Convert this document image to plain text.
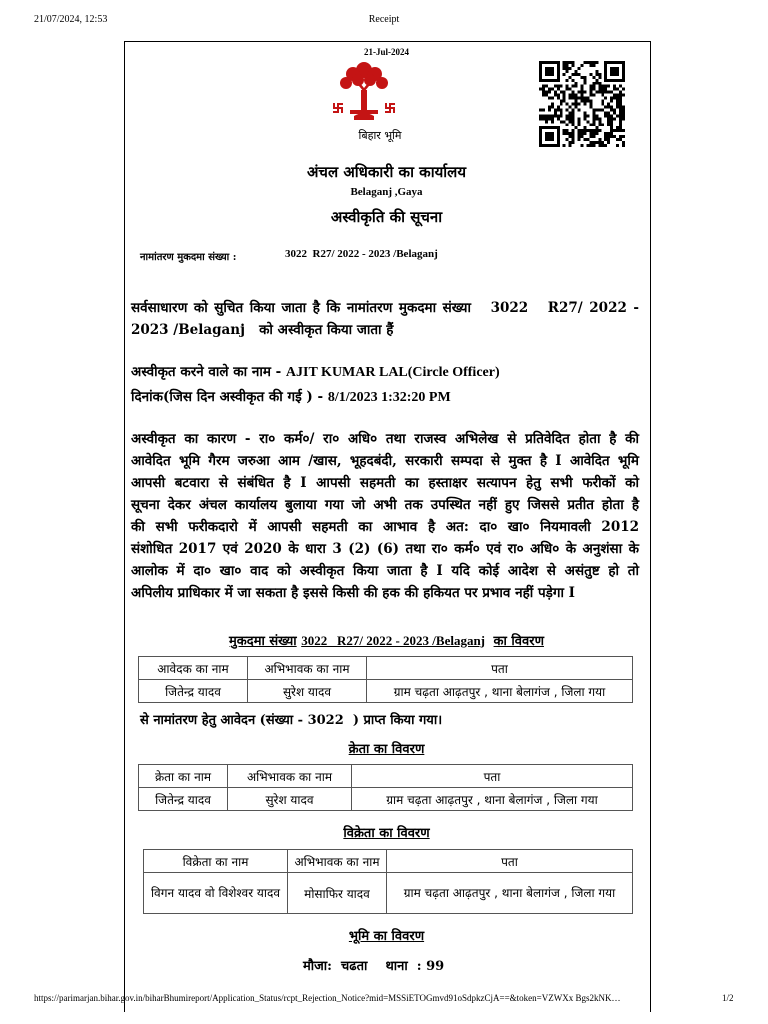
21/07/2024, 12:53	Receipt
21-Jul-2024
बिहार भूमि
अंचल अधिकारी का कार्यालय
Belaganj ,Gaya
अस्वीकृति की सूचना
नामांतरण मुकदमा संख्या :	3022  R27/ 2022 - 2023 /Belaganj
सर्वसाधारण को सुचित किया जाता है कि नामांतरण मुकदमा संख्या   3022   R27/ 2022 -
2023 /Belaganj   को अस्वीकृत किया जाता हैं
अस्वीकृत करने वाले का नाम - AJIT KUMAR LAL(Circle Officer)
दिनांक(जिस दिन अस्वीकृत की गई ) - 8/1/2023 1:32:20 PM
अस्वीकृत का कारण - रा० कर्म०/ रा० अधि० तथा राजस्व अभिलेख से प्रतिवेदित होता है की
आवेदित भूमि गैरम जरुआ आम /खास, भूहदबंदी, सरकारी सम्पदा से मुक्त है I आवेदित भूमि
आपसी बटवारा से संबंधित है I आपसी सहमती का हस्ताक्षर सत्यापन हेतु सभी फरीकों को
सूचना देकर अंचल कार्यालय बुलाया गया जो अभी तक उपस्थित नहीं हुए जिससे प्रतीत होता है
की सभी फरीकदारो में आपसी सहमती का आभाव है अत: दा० खा० नियमावली 2012
संशोधित 2017 एवं 2020 के धारा 3 (2) (6) तथा रा० कर्म० एवं रा० अधि० के अनुशंसा के
आलोक में दा० खा० वाद को अस्वीकृत किया जाता है I यदि कोई आदेश से असंतुष्ट हो तो
अपिलीय प्राधिकार में जा सकता है इससे किसी की हक की हकियत पर प्रभाव नहीं पड़ेगा I
मुकदमा संख्या 3022   R27/ 2022 - 2023 /Belaganj का विवरण
आवेदक का नाम	अभिभावक का नाम	पता
जितेन्द्र यादव	सुरेश यादव	ग्राम चढ़ता आढ़तपुर , थाना बेलागंज , जिला गया
से नामांतरण हेतु आवेदन (संख्या - 3022  ) प्राप्त किया गया।
क्रेता का विवरण
क्रेता का नाम	अभिभावक का नाम	पता
जितेन्द्र यादव	सुरेश यादव	ग्राम चढ़ता आढ़तपुर , थाना बेलागंज , जिला गया
विक्रेता का विवरण
विक्रेता का नाम	अभिभावक का नाम	पता
विगन यादव वो विशेश्वर यादव	मोसाफिर यादव	ग्राम चढ़ता आढ़तपुर , थाना बेलागंज , जिला गया
भूमि का विवरण
मौजा:  चढता    थाना  : 99
https://parimarjan.bihar.gov.in/biharBhumireport/Application_Status/rcpt_Rejection_Notice?mid=MSSiETOGmvd91oSdpkzCjA==&token=VZWXx Bgs2kNK…	1/2
